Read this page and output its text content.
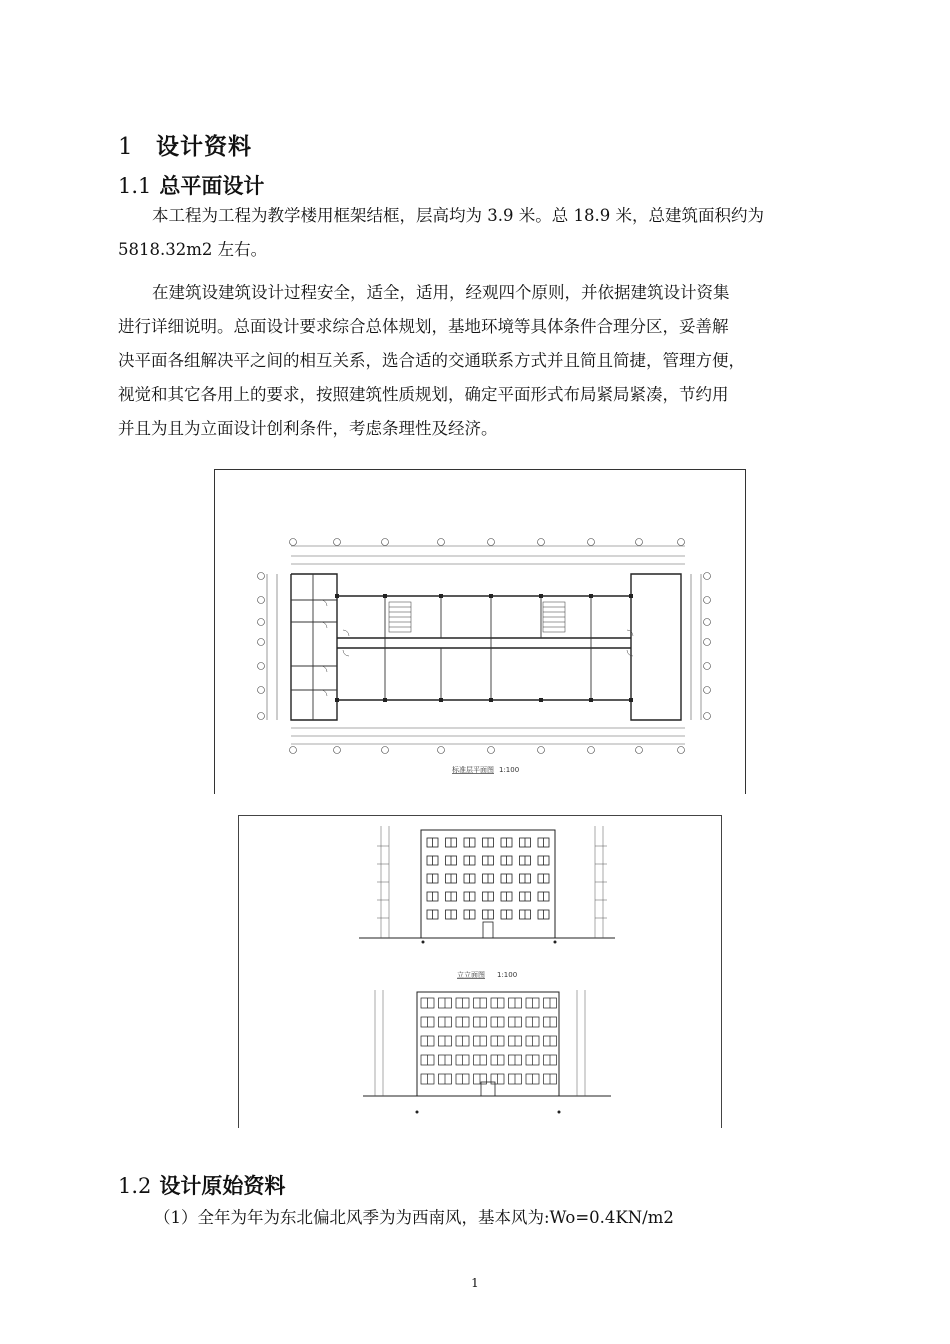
1 设计资料
1.1 总平面设计
本工程为工程为教学楼用框架结框，层高均为 3.9 米。总 18.9 米，总建筑面积约为
5818.32m2 左右。
在建筑设建筑设计过程安全，适全，适用，经观四个原则，并依据建筑设计资集
进行详细说明。总面设计要求综合总体规划，基地环境等具体条件合理分区，妥善解
决平面各组解决平之间的相互关系，选合适的交通联系方式并且简且简捷，管理方便，
视觉和其它各用上的要求，按照建筑性质规划，确定平面形式布局紧局紧凑，节约用
并且为且为立面设计创利条件，考虑条理性及经济。
标准层平面图 1:100
立立面图 1:100
1.2 设计原始资料
（1）全年为年为东北偏北风季为为西南风，基本风为:Wo=0.4KN/m2
1
